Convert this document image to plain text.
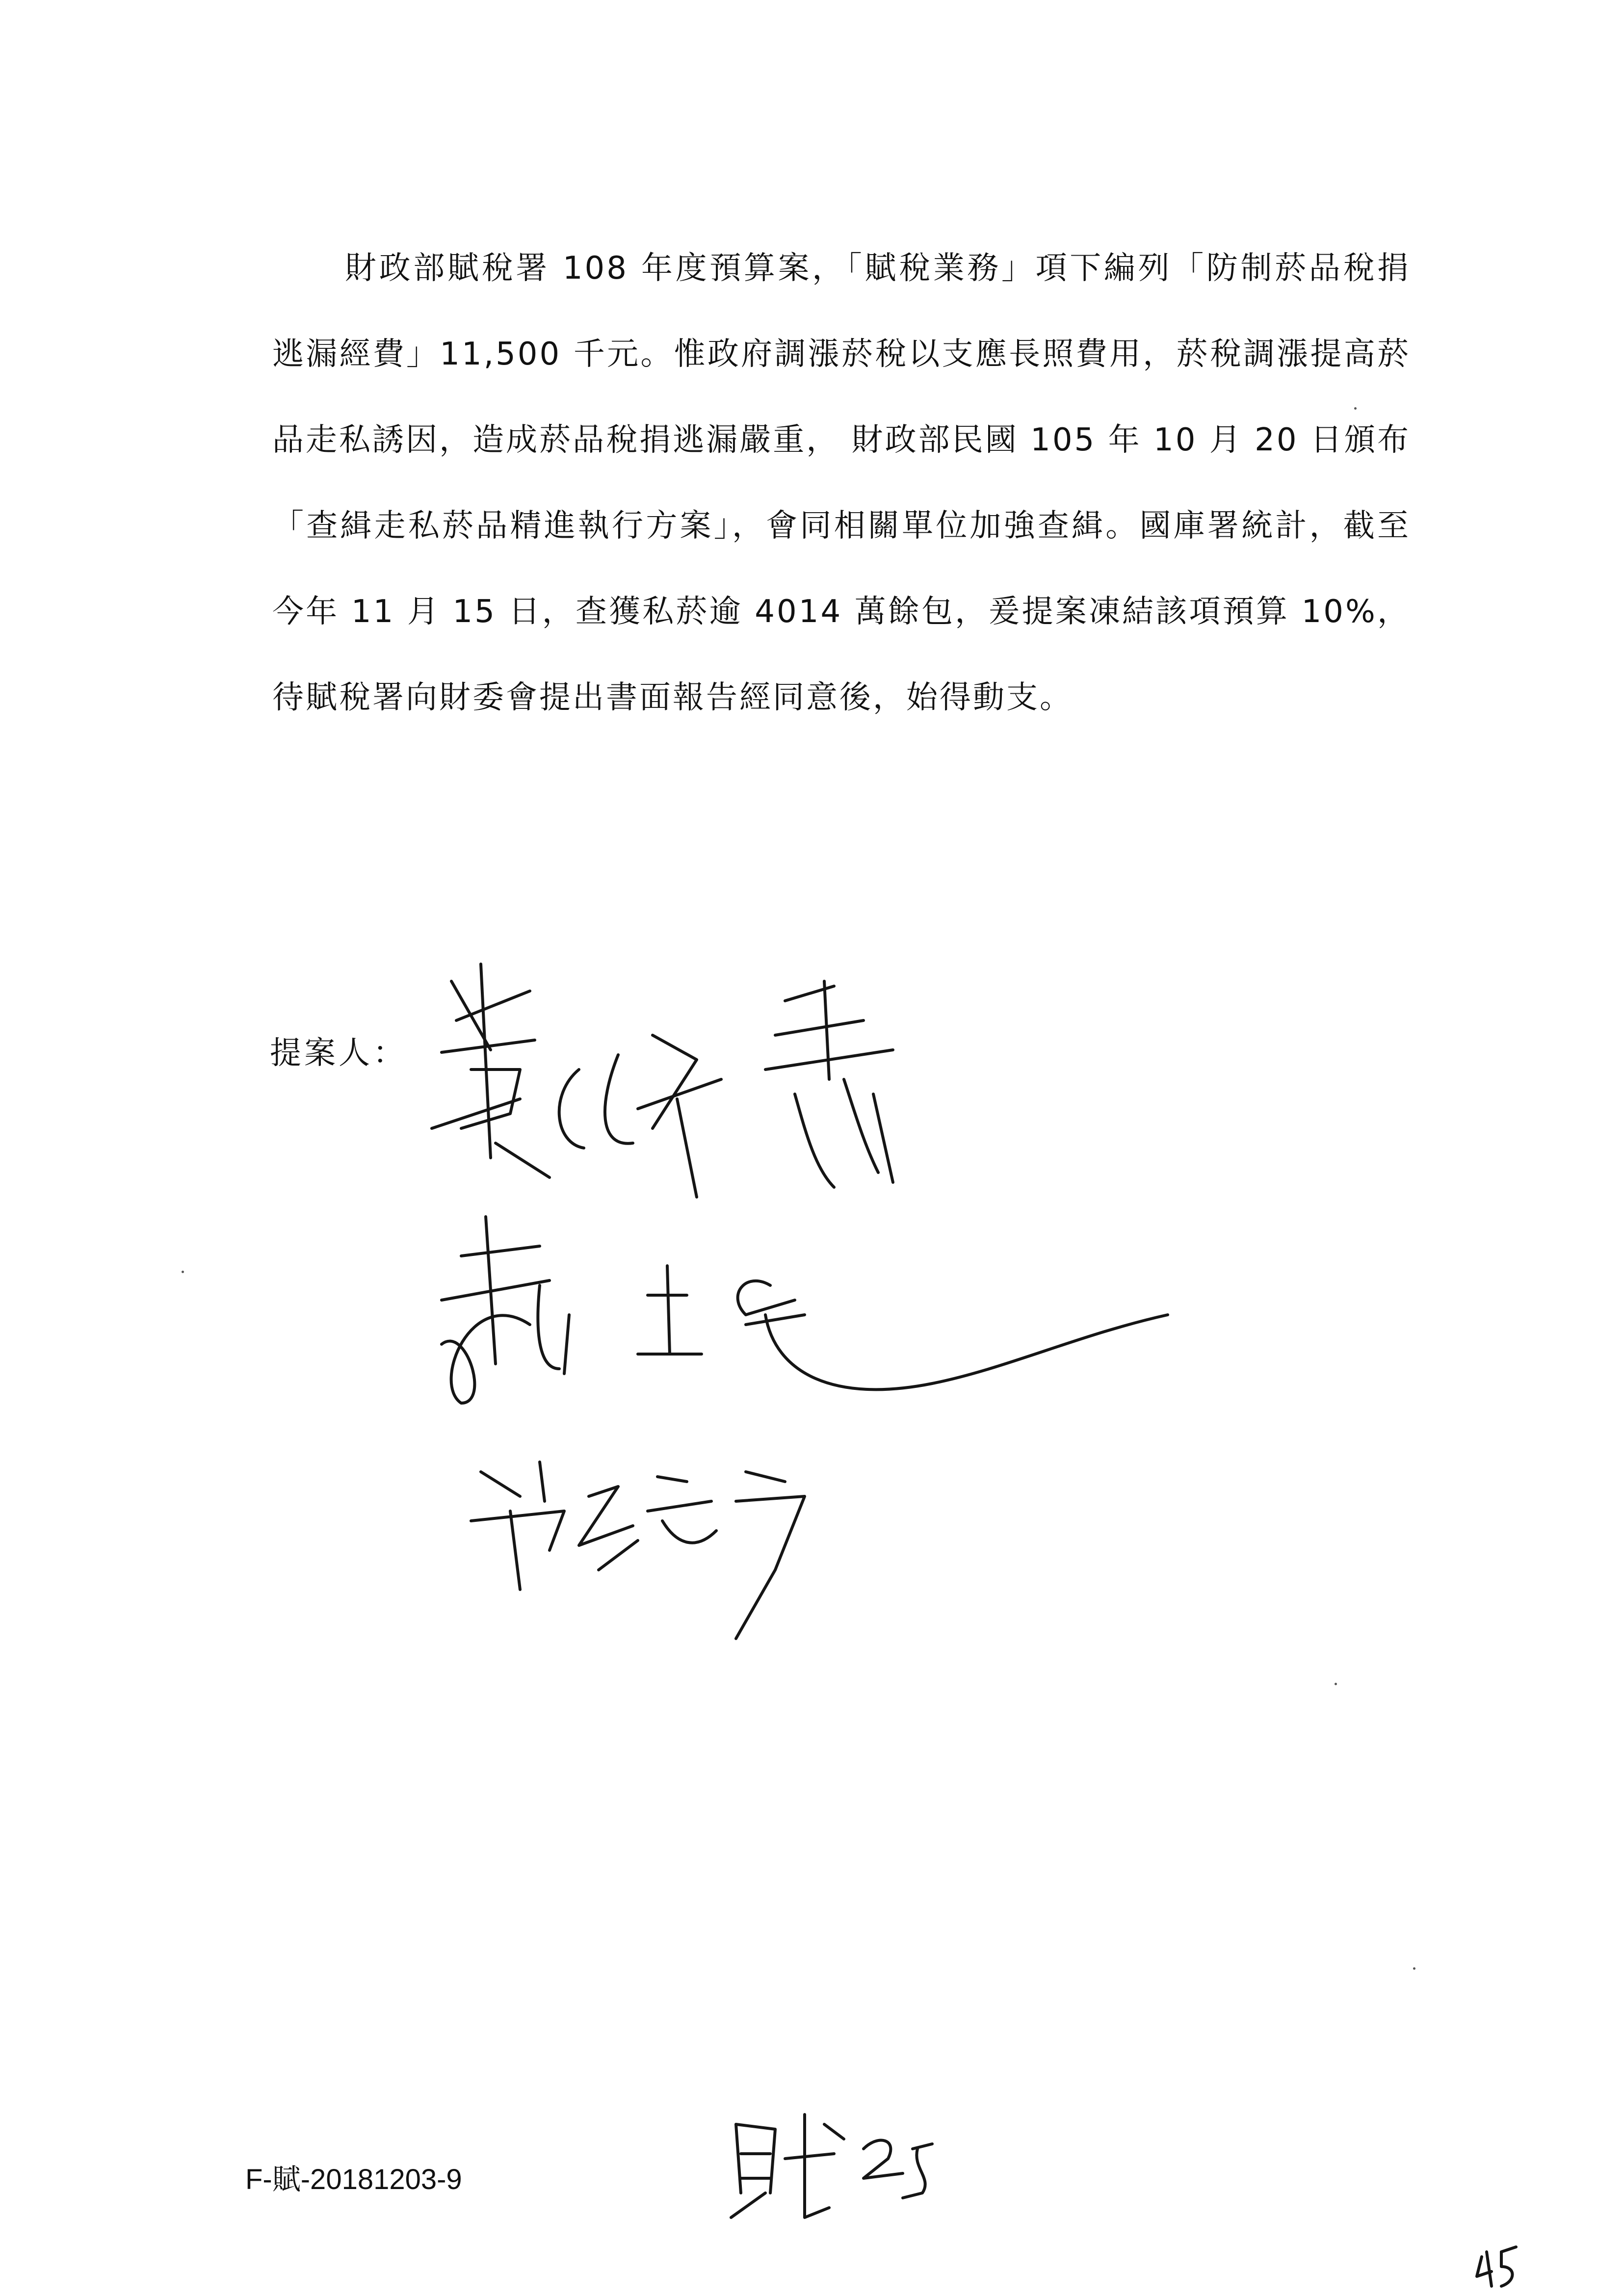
財政部賦稅署 108 年度預算案，「賦稅業務」項下編列「防制菸品稅捐逃漏經費」11,500 千元。惟政府調漲菸稅以支應長照費用，菸稅調漲提高菸品走私誘因，造成菸品稅捐逃漏嚴重， 財政部民國 105 年 10 月 20 日頒布「查緝走私菸品精進執行方案」，會同相關單位加強查緝。國庫署統計，截至今年 11 月 15 日，查獲私菸逾 4014 萬餘包，爰提案凍結該項預算 10%，待賦稅署向財委會提出書面報告經同意後，始得動支。

提案人：
F-賦-20181203-9
